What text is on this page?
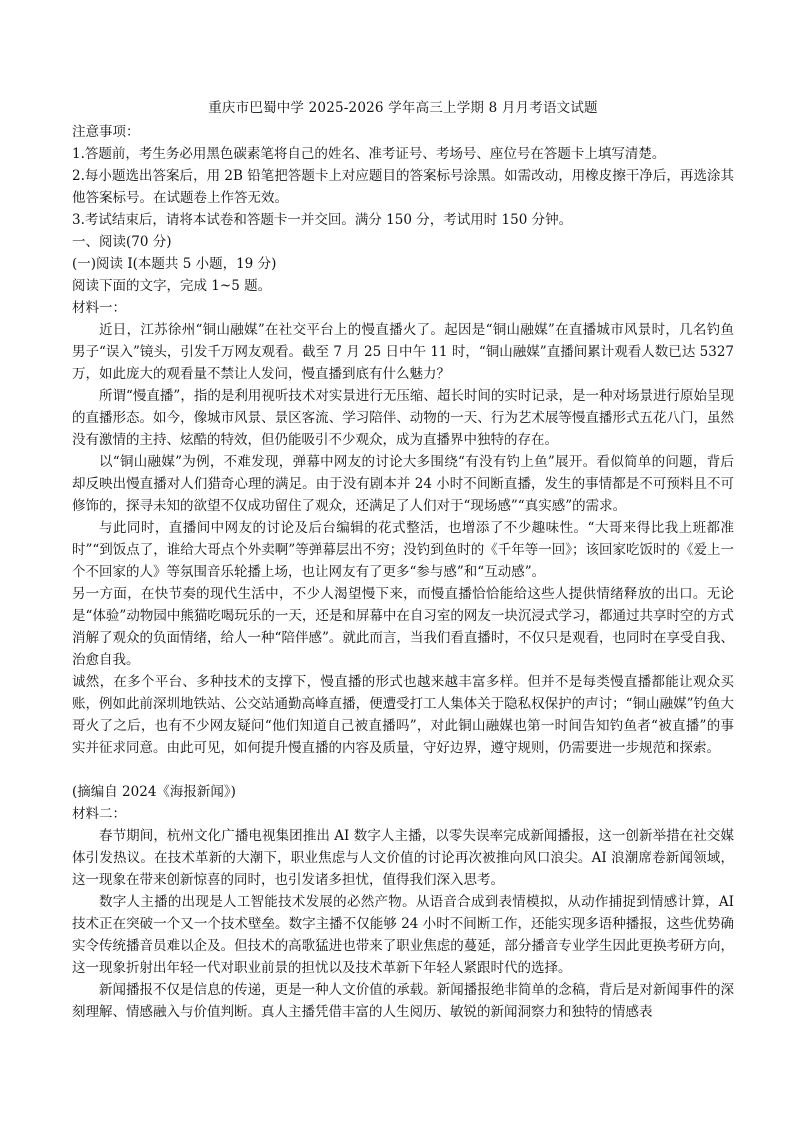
重庆市巴蜀中学 2025-2026 学年高三上学期 8 月月考语文试题

注意事项：

1.答题前，考生务必用黑色碳素笔将自己的姓名、准考证号、考场号、座位号在答题卡上填写清楚。

2.每小题选出答案后，用 2B 铅笔把答题卡上对应题目的答案标号涂黑。如需改动，用橡皮擦干净后，再选涂其他答案标号。在试题卷上作答无效。

3.考试结束后，请将本试卷和答题卡一并交回。满分 150 分，考试用时 150 分钟。

一、阅读(70 分)

(一)阅读 I(本题共 5 小题，19 分)

阅读下面的文字，完成 1~5 题。

材料一：

近日，江苏徐州“铜山融媒”在社交平台上的慢直播火了。起因是“铜山融媒”在直播城市风景时，几名钓鱼男子“误入”镜头，引发千万网友观看。截至 7 月 25 日中午 11 时，“铜山融媒”直播间累计观看人数已达 5327 万，如此庞大的观看量不禁让人发问，慢直播到底有什么魅力？

所谓“慢直播”，指的是利用视听技术对实景进行无压缩、超长时间的实时记录，是一种对场景进行原始呈现的直播形态。如今，像城市风景、景区客流、学习陪伴、动物的一天、行为艺术展等慢直播形式五花八门，虽然没有激情的主持、炫酷的特效，但仍能吸引不少观众，成为直播界中独特的存在。

以“铜山融媒”为例，不难发现，弹幕中网友的讨论大多围绕“有没有钓上鱼”展开。看似简单的问题，背后却反映出慢直播对人们猎奇心理的满足。由于没有剧本并 24 小时不间断直播，发生的事情都是不可预料且不可修饰的，探寻未知的欲望不仅成功留住了观众，还满足了人们对于“现场感”“真实感”的需求。

与此同时，直播间中网友的讨论及后台编辑的花式整活，也增添了不少趣味性。“大哥来得比我上班都准时”“到饭点了，谁给大哥点个外卖啊”等弹幕层出不穷；没钓到鱼时的《千年等一回》；该回家吃饭时的《爱上一个不回家的人》等氛围音乐轮播上场，也让网友有了更多“参与感”和“互动感”。

另一方面，在快节奏的现代生活中，不少人渴望慢下来，而慢直播恰恰能给这些人提供情绪释放的出口。无论是“体验”动物园中熊猫吃喝玩乐的一天，还是和屏幕中在自习室的网友一块沉浸式学习，都通过共享时空的方式消解了观众的负面情绪，给人一种“陪伴感”。就此而言，当我们看直播时，不仅只是观看，也同时在享受自我、治愈自我。

诚然，在多个平台、多种技术的支撑下，慢直播的形式也越来越丰富多样。但并不是每类慢直播都能让观众买账，例如此前深圳地铁站、公交站通勤高峰直播，便遭受打工人集体关于隐私权保护的声讨；“铜山融媒”钓鱼大哥火了之后，也有不少网友疑问“他们知道自己被直播吗”，对此铜山融媒也第一时间告知钓鱼者“被直播”的事实并征求同意。由此可见，如何提升慢直播的内容及质量，守好边界，遵守规则，仍需要进一步规范和探索。

(摘编自 2024《海报新闻》)

材料二：

春节期间，杭州文化广播电视集团推出 AI 数字人主播，以零失误率完成新闻播报，这一创新举措在社交媒体引发热议。在技术革新的大潮下，职业焦虑与人文价值的讨论再次被推向风口浪尖。AI 浪潮席卷新闻领域，这一现象在带来创新惊喜的同时，也引发诸多担忧，值得我们深入思考。

数字人主播的出现是人工智能技术发展的必然产物。从语音合成到表情模拟，从动作捕捉到情感计算，AI 技术正在突破一个又一个技术壁垒。数字主播不仅能够 24 小时不间断工作，还能实现多语种播报，这些优势确实令传统播音员难以企及。但技术的高歌猛进也带来了职业焦虑的蔓延，部分播音专业学生因此更换考研方向，这一现象折射出年轻一代对职业前景的担忧以及技术革新下年轻人紧跟时代的选择。

新闻播报不仅是信息的传递，更是一种人文价值的承载。新闻播报绝非简单的念稿，背后是对新闻事件的深刻理解、情感融入与价值判断。真人主播凭借丰富的人生阅历、敏锐的新闻洞察力和独特的情感表
